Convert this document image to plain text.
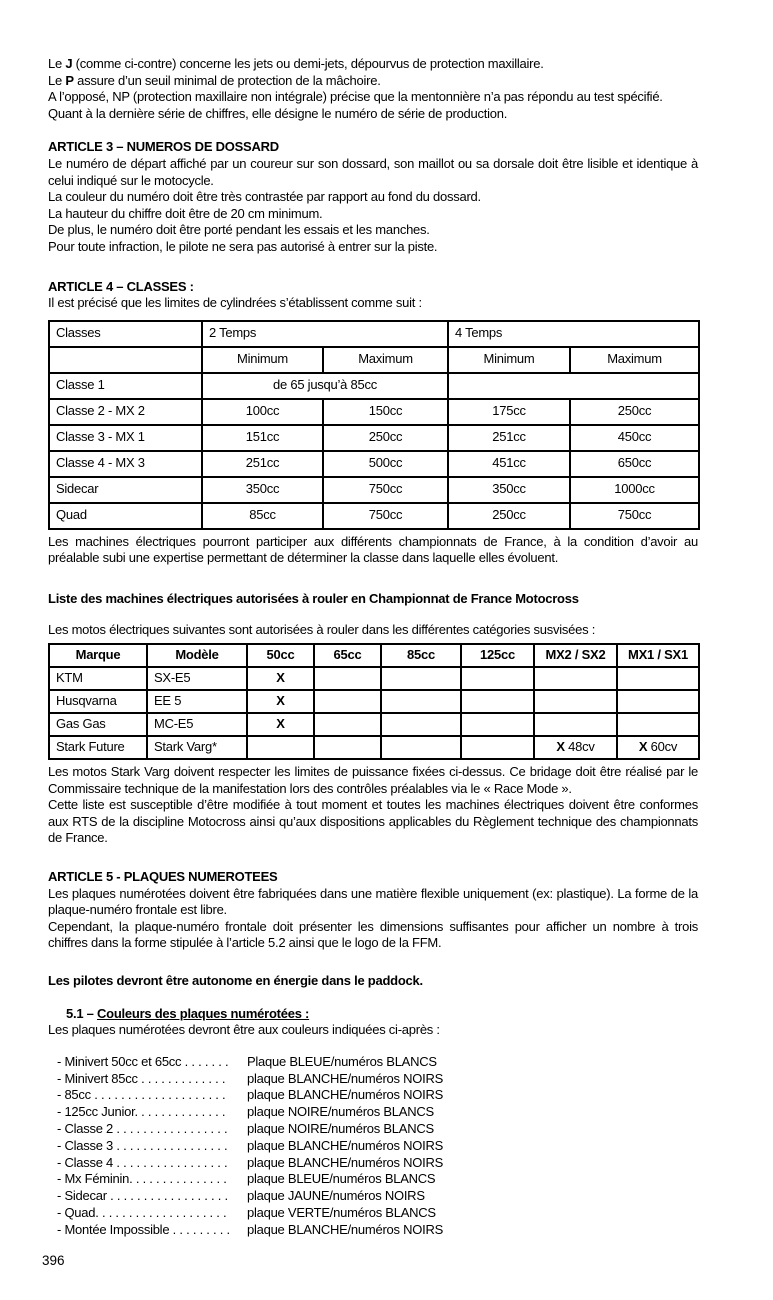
Le J (comme ci-contre) concerne les jets ou demi-jets, dépourvus de protection maxillaire.
Le P assure d’un seuil minimal de protection de la mâchoire.
A l’opposé, NP (protection maxillaire non intégrale) précise que la mentonnière n’a pas répondu au test spécifié.
Quant à la dernière série de chiffres, elle désigne le numéro de série de production.
ARTICLE 3 – NUMEROS DE DOSSARD

Le numéro de départ affiché par un coureur sur son dossard, son maillot ou sa dorsale doit être lisible et identique à celui indiqué sur le motocycle.

La couleur du numéro doit être très contrastée par rapport au fond du dossard.
La hauteur du chiffre doit être de 20 cm minimum.
De plus, le numéro doit être porté pendant les essais et les manches.
Pour toute infraction, le pilote ne sera pas autorisé à entrer sur la piste.
ARTICLE 4 – CLASSES :
Il est précisé que les limites de cylindrées s’établissent comme suit :
Classes	2 Temps		4 Temps	
	Minimum	Maximum	Minimum	Maximum
Classe 1	de 65 jusqu’à 85cc			
Classe 2 - MX 2	100cc	150cc	175cc	250cc
Classe 3 - MX 1	151cc	250cc	251cc	450cc
Classe 4 - MX 3	251cc	500cc	451cc	650cc
Sidecar	350cc	750cc	350cc	1000cc
Quad	85cc	750cc	250cc	750cc

Les machines électriques pourront participer aux différents championnats de France, à la condition d’avoir au préalable subi une expertise permettant de déterminer la classe dans laquelle elles évoluent.

Liste des machines électriques autorisées à rouler en Championnat de France Motocross
Les motos électriques suivantes sont autorisées à rouler dans les différentes catégories susvisées :
Marque	Modèle	50cc	65cc	85cc	125cc	MX2 / SX2	MX1 / SX1
KTM	SX-E5	X					
Husqvarna	EE 5	X					
Gas Gas	MC-E5	X					
Stark Future	Stark Varg*					X 48cv	X 60cv

Les motos Stark Varg doivent respecter les limites de puissance fixées ci-dessus. Ce bridage doit être réalisé par le Commissaire technique de la manifestation lors des contrôles préalables via le « Race Mode ».

Cette liste est susceptible d’être modifiée à tout moment et toutes les machines électriques doivent être conformes aux RTS de la discipline Motocross ainsi qu’aux dispositions applicables du Règlement technique des championnats de France.

ARTICLE 5 - PLAQUES NUMEROTEES

Les plaques numérotées doivent être fabriquées dans une matière flexible uniquement (ex: plastique). La forme de la plaque-numéro frontale est libre.

Cependant, la plaque-numéro frontale doit présenter les dimensions suffisantes pour afficher un nombre à trois chiffres dans la forme stipulée à l’article 5.2 ainsi que le logo de la FFM.

Les pilotes devront être autonome en énergie dans le paddock.
5.1 – Couleurs des plaques numérotées :
Les plaques numérotées devront être aux couleurs indiquées ci-après :
- Minivert 50cc et 65cc . . . . . . .	Plaque BLEUE/numéros BLANCS
- Minivert 85cc . . . . . . . . . . . . .	plaque BLANCHE/numéros NOIRS
- 85cc . . . . . . . . . . . . . . . . . . . .	plaque BLANCHE/numéros NOIRS
- 125cc Junior. . . . . . . . . . . . . .	plaque NOIRE/numéros BLANCS
- Classe 2 . . . . . . . . . . . . . . . . .	plaque NOIRE/numéros BLANCS
- Classe 3 . . . . . . . . . . . . . . . . .	plaque BLANCHE/numéros NOIRS
- Classe 4 . . . . . . . . . . . . . . . . .	plaque BLANCHE/numéros NOIRS
- Mx Féminin. . . . . . . . . . . . . . .	plaque BLEUE/numéros BLANCS
- Sidecar . . . . . . . . . . . . . . . . . .	plaque JAUNE/numéros NOIRS
- Quad. . . . . . . . . . . . . . . . . . . .	plaque VERTE/numéros BLANCS
- Montée Impossible . . . . . . . . .	plaque BLANCHE/numéros NOIRS
396
